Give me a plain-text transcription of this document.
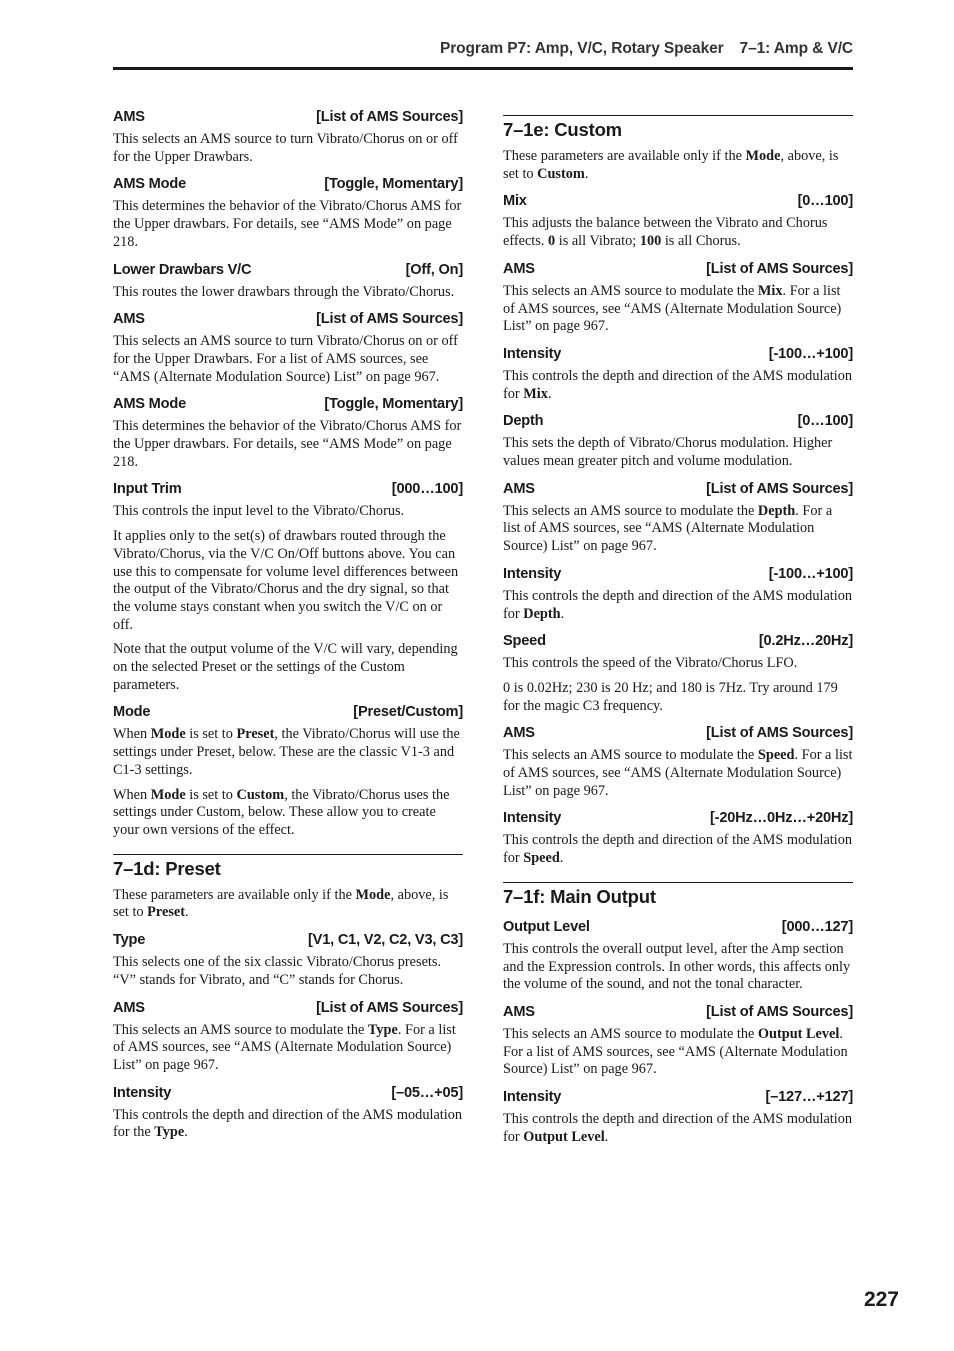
Program P7: Amp, V/C, Rotary Speaker 7–1: Amp & V/C
AMS	[List of AMS Sources]

This selects an AMS source to turn Vibrato/Chorus on or off for the Upper Drawbars.

AMS Mode	[Toggle, Momentary]

This determines the behavior of the Vibrato/Chorus AMS for the Upper drawbars. For details, see “AMS Mode” on page 218.

Lower Drawbars V/C	[Off, On]

This routes the lower drawbars through the Vibrato/Chorus.

AMS	[List of AMS Sources]

This selects an AMS source to turn Vibrato/Chorus on or off for the Upper Drawbars. For a list of AMS sources, see “AMS (Alternate Modulation Source) List” on page 967.

AMS Mode	[Toggle, Momentary]

This determines the behavior of the Vibrato/Chorus AMS for the Upper drawbars. For details, see “AMS Mode” on page 218.

Input Trim	[000…100]

This controls the input level to the Vibrato/Chorus.

It applies only to the set(s) of drawbars routed through the Vibrato/Chorus, via the V/C On/Off buttons above. You can use this to compensate for volume level differences between the output of the Vibrato/Chorus and the dry signal, so that the volume stays constant when you switch the V/C on or off.

Note that the output volume of the V/C will vary, depending on the selected Preset or the settings of the Custom parameters.

Mode	[Preset/Custom]

When Mode is set to Preset, the Vibrato/Chorus will use the settings under Preset, below. These are the classic V1-3 and C1-3 settings.

When Mode is set to Custom, the Vibrato/Chorus uses the settings under Custom, below. These allow you to create your own versions of the effect.

7–1d: Preset

These parameters are available only if the Mode, above, is set to Preset.

Type	[V1, C1, V2, C2, V3, C3]

This selects one of the six classic Vibrato/Chorus presets. “V” stands for Vibrato, and “C” stands for Chorus.

AMS	[List of AMS Sources]

This selects an AMS source to modulate the Type. For a list of AMS sources, see “AMS (Alternate Modulation Source) List” on page 967.

Intensity	[–05…+05]

This controls the depth and direction of the AMS modulation for the Type.

7–1e: Custom

These parameters are available only if the Mode, above, is set to Custom.

Mix	[0…100]

This adjusts the balance between the Vibrato and Chorus effects. 0 is all Vibrato; 100 is all Chorus.

AMS	[List of AMS Sources]

This selects an AMS source to modulate the Mix. For a list of AMS sources, see “AMS (Alternate Modulation Source) List” on page 967.

Intensity	[-100…+100]

This controls the depth and direction of the AMS modulation for Mix.

Depth	[0…100]

This sets the depth of Vibrato/Chorus modulation. Higher values mean greater pitch and volume modulation.

AMS	[List of AMS Sources]

This selects an AMS source to modulate the Depth. For a list of AMS sources, see “AMS (Alternate Modulation Source) List” on page 967.

Intensity	[-100…+100]

This controls the depth and direction of the AMS modulation for Depth.

Speed	[0.2Hz…20Hz]

This controls the speed of the Vibrato/Chorus LFO.

0 is 0.02Hz; 230 is 20 Hz; and 180 is 7Hz. Try around 179 for the magic C3 frequency.

AMS	[List of AMS Sources]

This selects an AMS source to modulate the Speed. For a list of AMS sources, see “AMS (Alternate Modulation Source) List” on page 967.

Intensity	[-20Hz…0Hz…+20Hz]

This controls the depth and direction of the AMS modulation for Speed.

7–1f: Main Output
Output Level	[000…127]

This controls the overall output level, after the Amp section and the Expression controls. In other words, this affects only the volume of the sound, and not the tonal character.

AMS	[List of AMS Sources]

This selects an AMS source to modulate the Output Level. For a list of AMS sources, see “AMS (Alternate Modulation Source) List” on page 967.

Intensity	[–127…+127]

This controls the depth and direction of the AMS modulation for Output Level.

227
